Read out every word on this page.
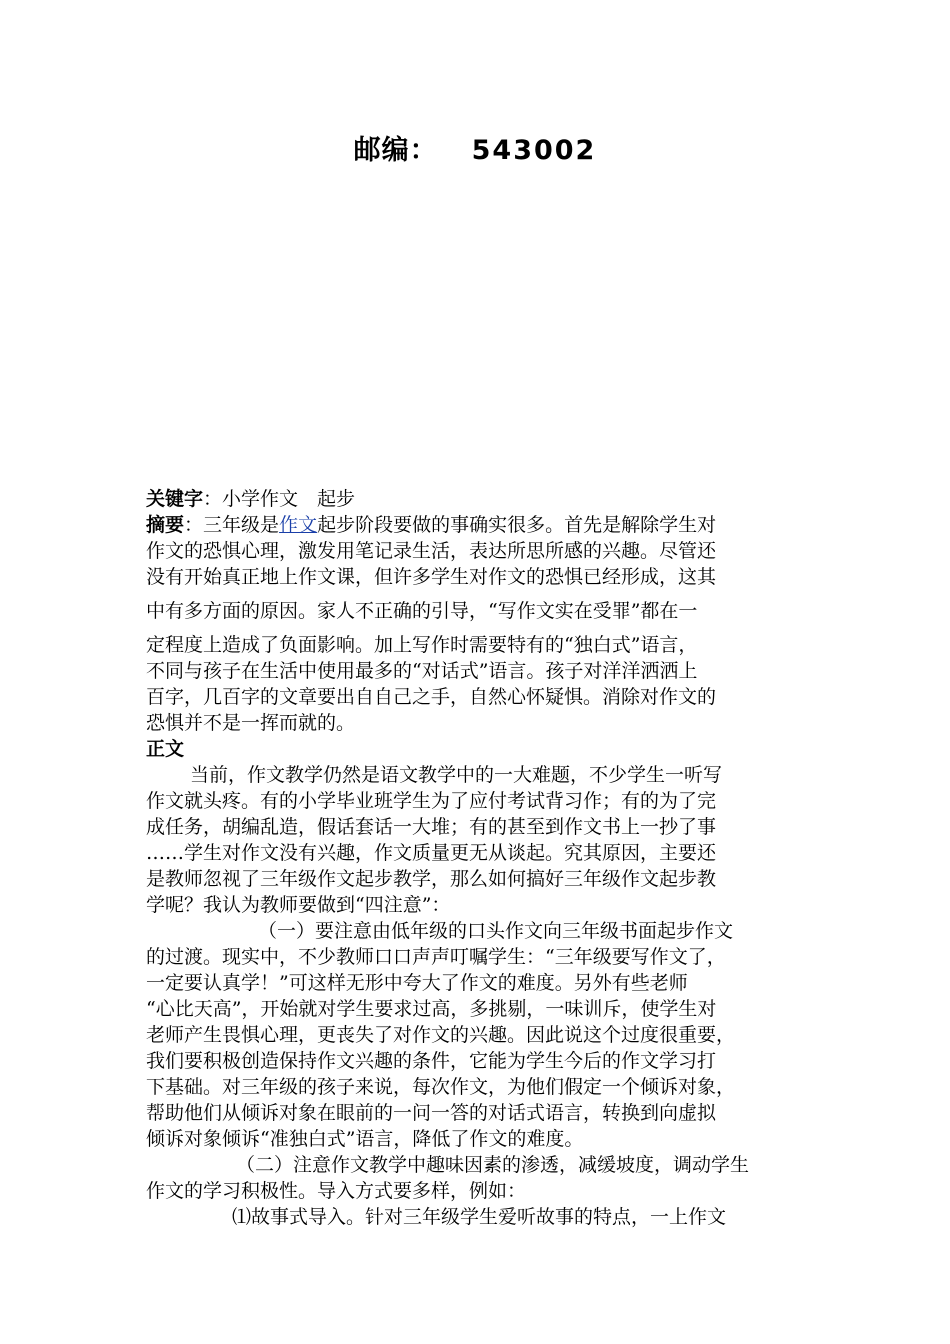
邮编： 543002
关键字：小学作文　起步
摘要：三年级是作文起步阶段要做的事确实很多。首先是解除学生对
作文的恐惧心理，激发用笔记录生活，表达所思所感的兴趣。尽管还
没有开始真正地上作文课，但许多学生对作文的恐惧已经形成，这其
中有多方面的原因。家人不正确的引导，“写作文实在受罪”都在一
定程度上造成了负面影响。加上写作时需要特有的“独白式”语言，
不同与孩子在生活中使用最多的“对话式”语言。孩子对洋洋洒洒上
百字，几百字的文章要出自自己之手，自然心怀疑惧。消除对作文的
恐惧并不是一挥而就的。
正文
当前，作文教学仍然是语文教学中的一大难题，不少学生一听写
作文就头疼。有的小学毕业班学生为了应付考试背习作；有的为了完
成任务，胡编乱造，假话套话一大堆；有的甚至到作文书上一抄了事
……学生对作文没有兴趣，作文质量更无从谈起。究其原因，主要还
是教师忽视了三年级作文起步教学，那么如何搞好三年级作文起步教
学呢？我认为教师要做到“四注意”：
（一）要注意由低年级的口头作文向三年级书面起步作文
的过渡。现实中，不少教师口口声声叮嘱学生：“三年级要写作文了，
一定要认真学！”可这样无形中夸大了作文的难度。另外有些老师
“心比天高”，开始就对学生要求过高，多挑剔，一味训斥，使学生对
老师产生畏惧心理，更丧失了对作文的兴趣。因此说这个过度很重要，
我们要积极创造保持作文兴趣的条件，它能为学生今后的作文学习打
下基础。对三年级的孩子来说，每次作文，为他们假定一个倾诉对象，
帮助他们从倾诉对象在眼前的一问一答的对话式语言，转换到向虚拟
倾诉对象倾诉“准独白式”语言，降低了作文的难度。
（二）注意作文教学中趣味因素的渗透，减缓坡度，调动学生
作文的学习积极性。导入方式要多样，例如：
⑴故事式导入。针对三年级学生爱听故事的特点，一上作文
